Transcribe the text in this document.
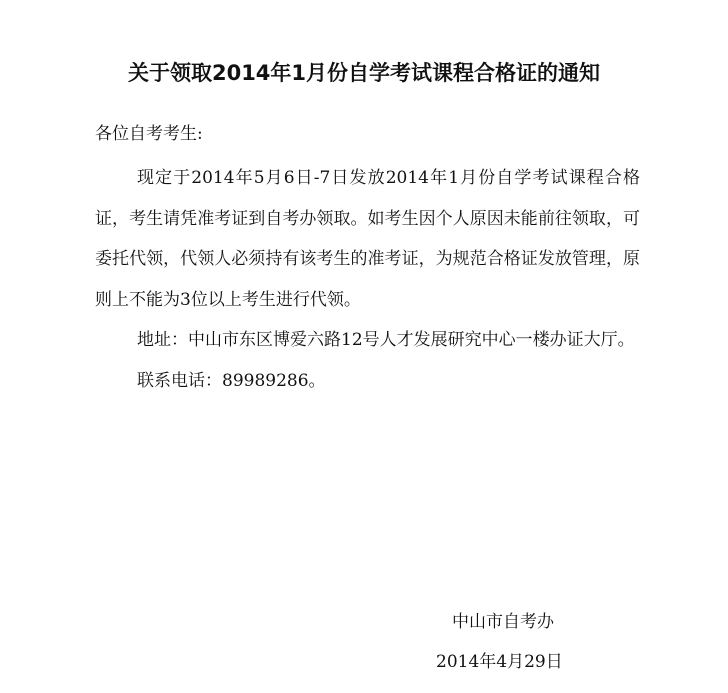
关于领取2014年1月份自学考试课程合格证的通知
各位自考考生:

现定于2014年5月6日-7日发放2014年1月份自学考试课程合格证，考生请凭准考证到自考办领取。如考生因个人原因未能前往领取，可委托代领，代领人必须持有该考生的准考证，为规范合格证发放管理，原则上不能为3位以上考生进行代领。

地址：中山市东区博爱六路12号人才发展研究中心一楼办证大厅。

联系电话：89989286。

中山市自考办
2014年4月29日
